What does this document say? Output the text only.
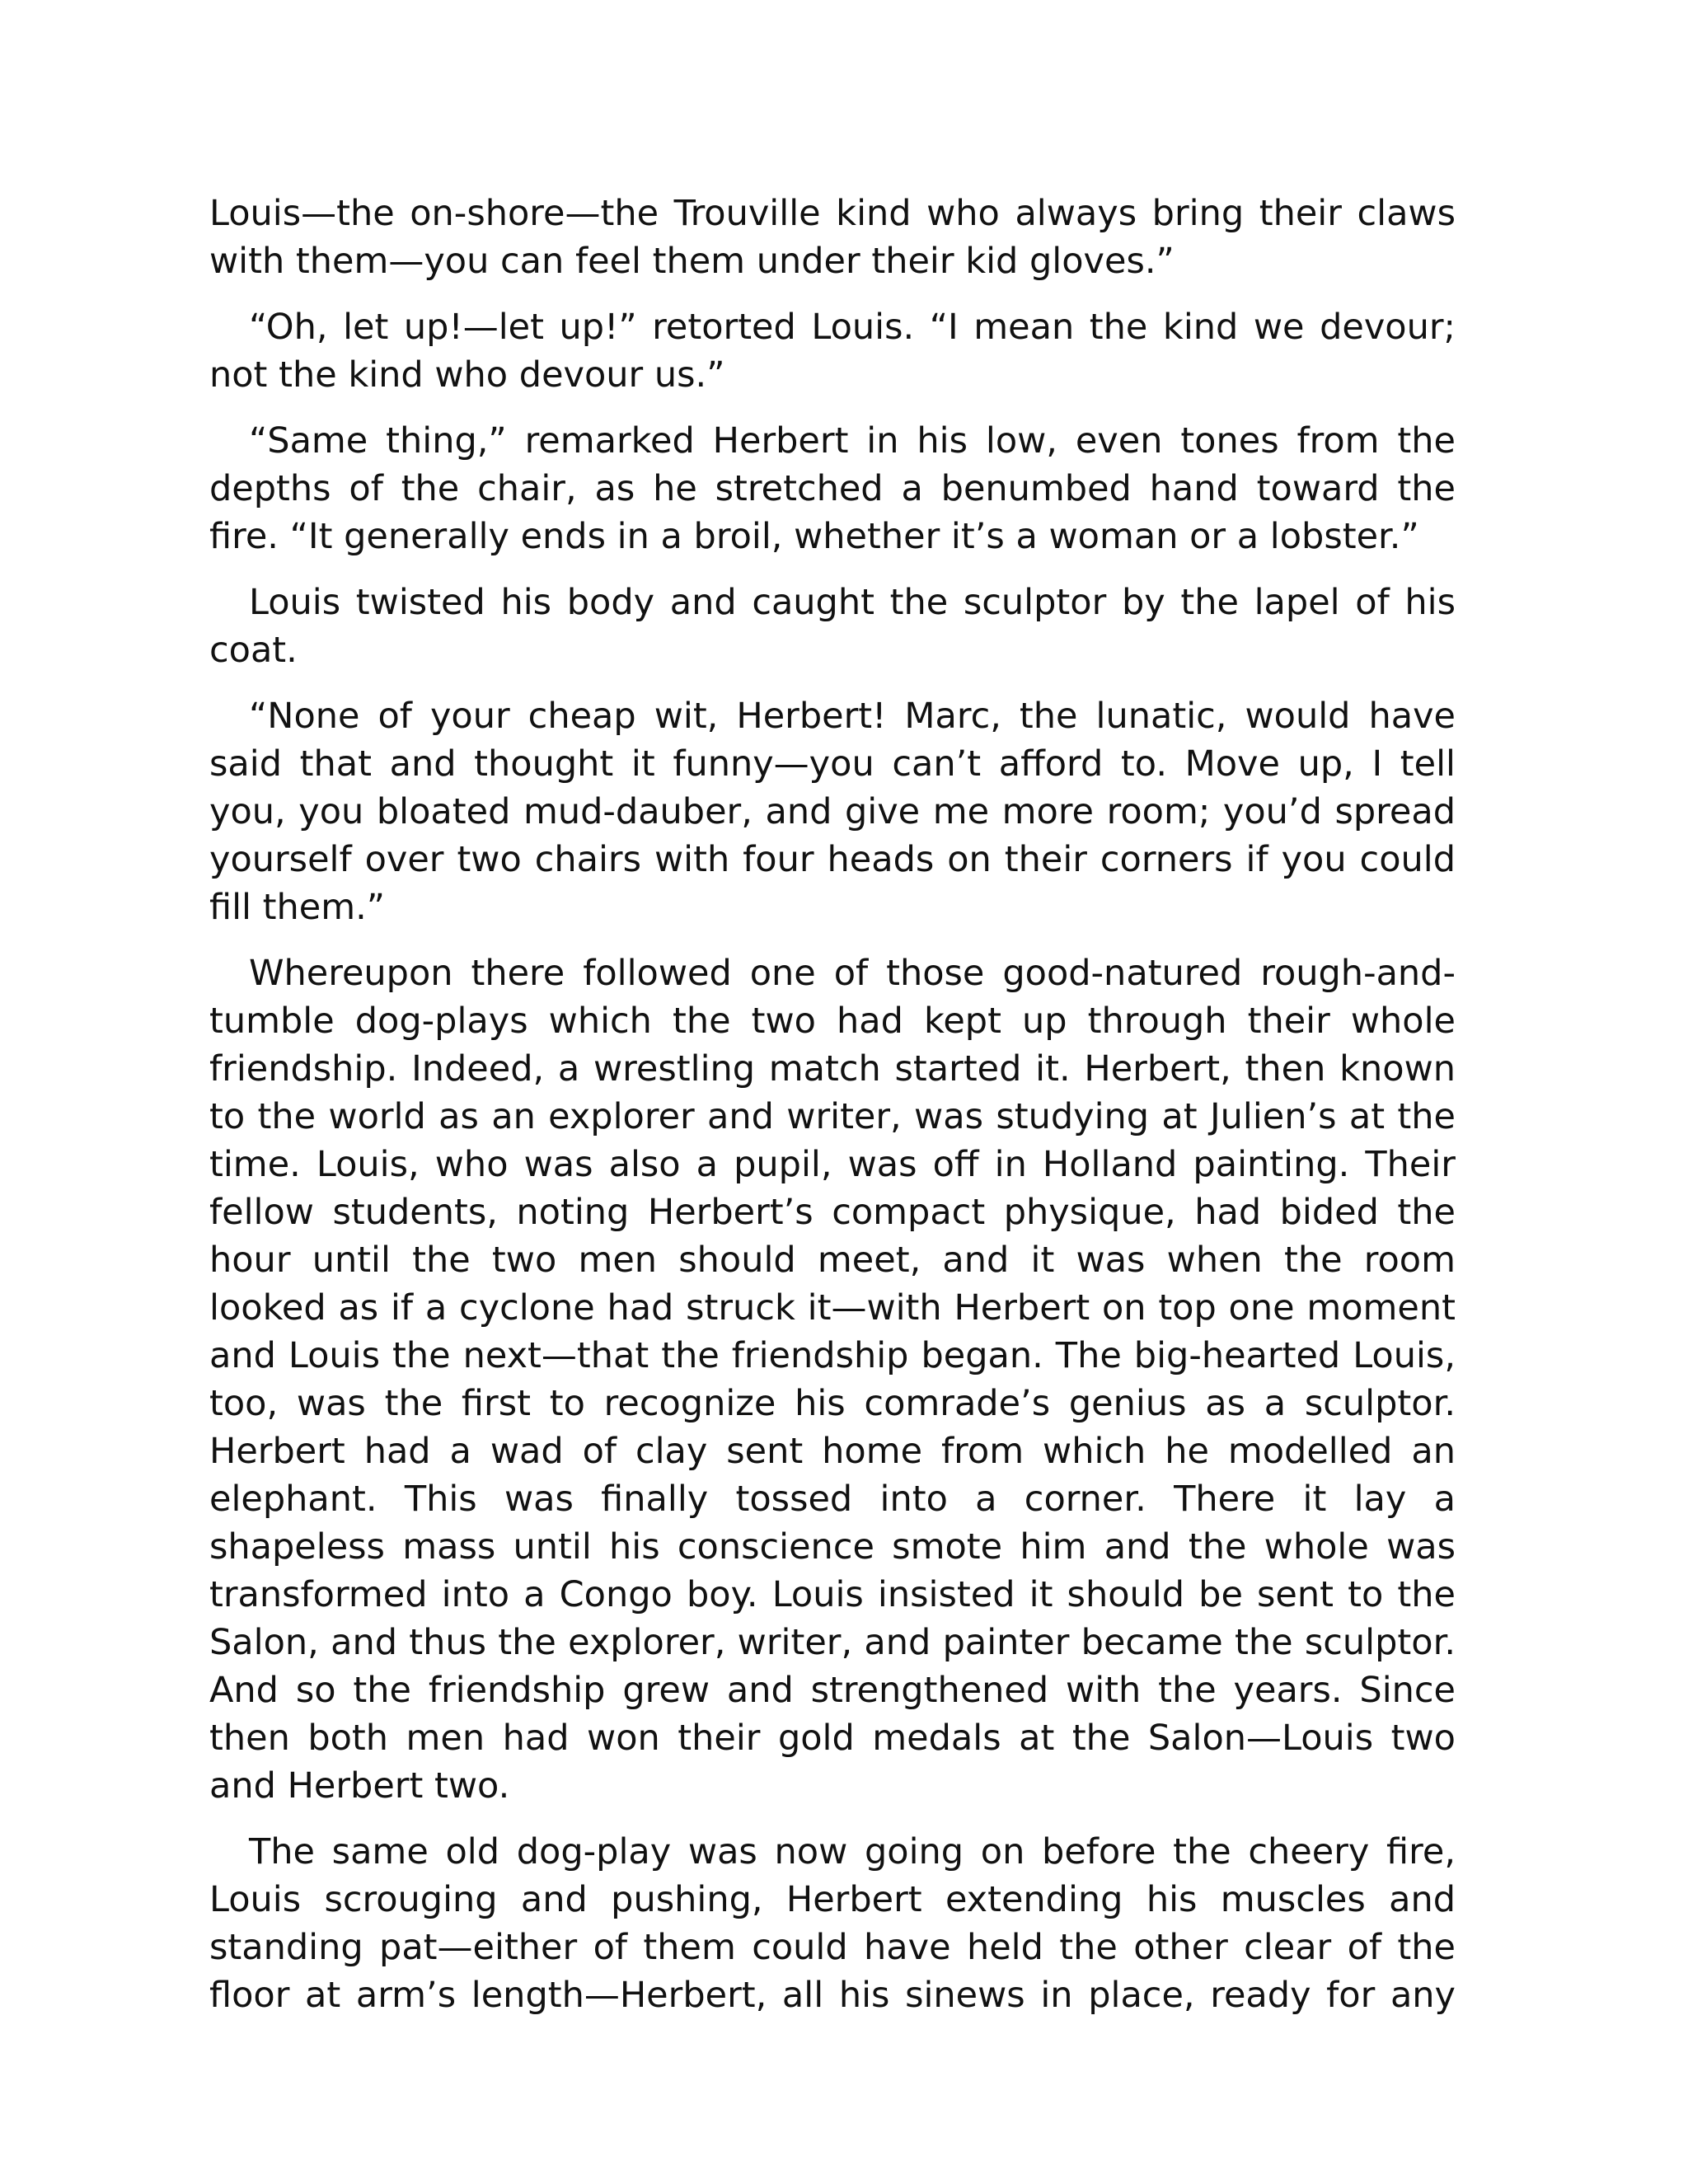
Louis—the on-shore—the Trouville kind who always bring their claws with them—you can feel them under their kid gloves.”

“Oh, let up!—let up!” retorted Louis. “I mean the kind we devour; not the kind who devour us.”

“Same thing,” remarked Herbert in his low, even tones from the depths of the chair, as he stretched a benumbed hand toward the fire. “It generally ends in a broil, whether it’s a woman or a lobster.”

Louis twisted his body and caught the sculptor by the lapel of his coat.

“None of your cheap wit, Herbert! Marc, the lunatic, would have said that and thought it funny—you can’t afford to. Move up, I tell you, you bloated mud-dauber, and give me more room; you’d spread yourself over two chairs with four heads on their corners if you could fill them.”

Whereupon there followed one of those good-natured rough-and-tumble dog-plays which the two had kept up through their whole friendship. Indeed, a wrestling match started it. Herbert, then known to the world as an explorer and writer, was studying at Julien’s at the time. Louis, who was also a pupil, was off in Holland painting. Their fellow students, noting Herbert’s compact physique, had bided the hour until the two men should meet, and it was when the room looked as if a cyclone had struck it—with Herbert on top one moment and Louis the next—that the friendship began. The big-hearted Louis, too, was the first to recognize his comrade’s genius as a sculptor. Herbert had a wad of clay sent home from which he modelled an elephant. This was finally tossed into a corner. There it lay a shapeless mass until his conscience smote him and the whole was transformed into a Congo boy. Louis insisted it should be sent to the Salon, and thus the explorer, writer, and painter became the sculptor. And so the friendship grew and strengthened with the years. Since then both men had won their gold medals at the Salon—Louis two and Herbert two.

The same old dog-play was now going on before the cheery fire, Louis scrouging and pushing, Herbert extending his muscles and standing pat—either of them could have held the other clear of the floor at arm’s length—Herbert, all his sinews in place, ready for any
